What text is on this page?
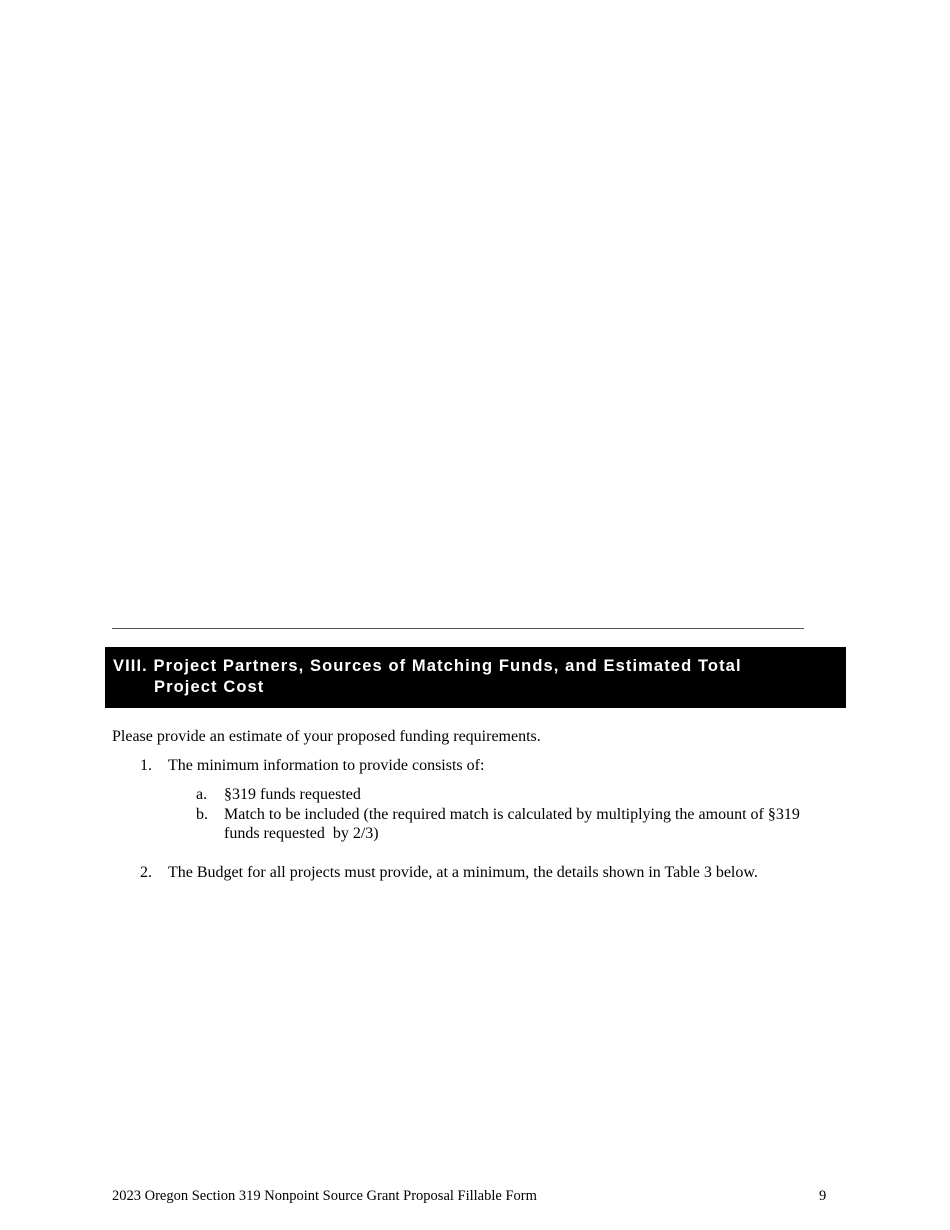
VIII. Project Partners, Sources of Matching Funds, and Estimated Total
Project Cost
Please provide an estimate of your proposed funding requirements.
1. The minimum information to provide consists of:
a. §319 funds requested
b. Match to be included (the required match is calculated by multiplying the amount of §319
funds requested  by 2/3)
2. The Budget for all projects must provide, at a minimum, the details shown in Table 3 below.
2023 Oregon Section 319 Nonpoint Source Grant Proposal Fillable Form	9
